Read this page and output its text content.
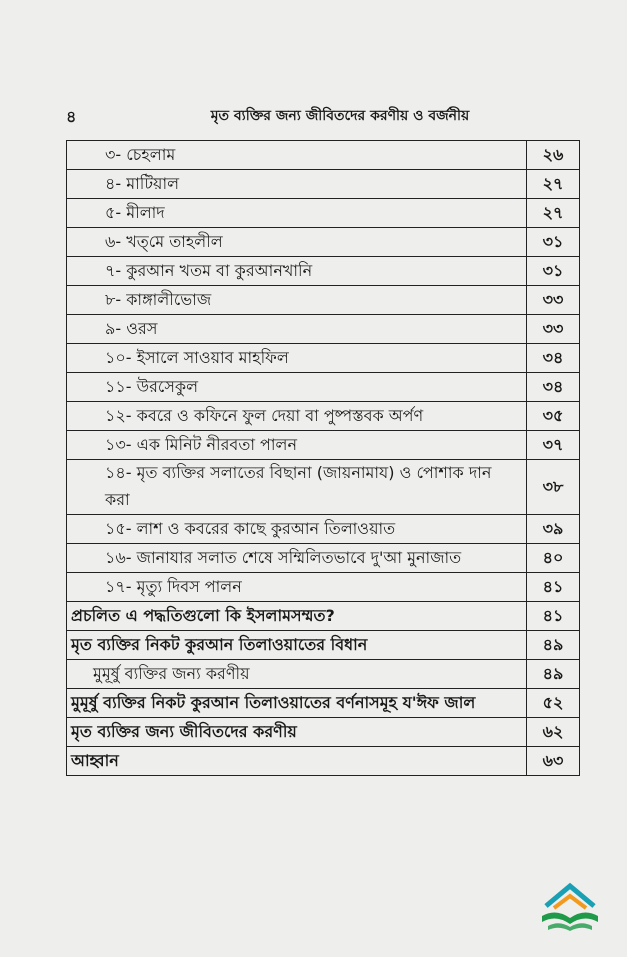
৪	মৃত ব্যক্তির জন্য জীবিতদের করণীয় ও বর্জনীয়
৩- চেহলাম	২৬
৪- মাটিয়াল	২৭
৫- মীলাদ	২৭
৬- খত্‌মে তাহলীল	৩১
৭- কুরআন খতম বা কুরআনখানি	৩১
৮- কাঙ্গালীভোজ	৩৩
৯- ওরস	৩৩
১০- ইসালে সাওয়াব মাহফিল	৩৪
১১- উরসেকুল	৩৪
১২- কবরে ও কফিনে ফুল দেয়া বা পুষ্পস্তবক অর্পণ	৩৫
১৩- এক মিনিট নীরবতা পালন	৩৭
১৪- মৃত ব্যক্তির সলাতের বিছানা (জায়নামায) ও পোশাক দান করা	৩৮
১৫- লাশ ও কবরের কাছে কুরআন তিলাওয়াত	৩৯
১৬- জানাযার সলাত শেষে সম্মিলিতভাবে দু'আ মুনাজাত	৪০
১৭- মৃত্যু দিবস পালন	৪১
প্রচলিত এ পদ্ধতিগুলো কি ইসলামসম্মত?	৪১
মৃত ব্যক্তির নিকট কুরআন তিলাওয়াতের বিধান	৪৯
মুমূর্ষু ব্যক্তির জন্য করণীয়	৪৯
মুমূর্ষু ব্যক্তির নিকট কুরআন তিলাওয়াতের বর্ণনাসমূহ য'ঈফ জাল	৫২
মৃত ব্যক্তির জন্য জীবিতদের করণীয়	৬২
আহ্বান	৬৩
